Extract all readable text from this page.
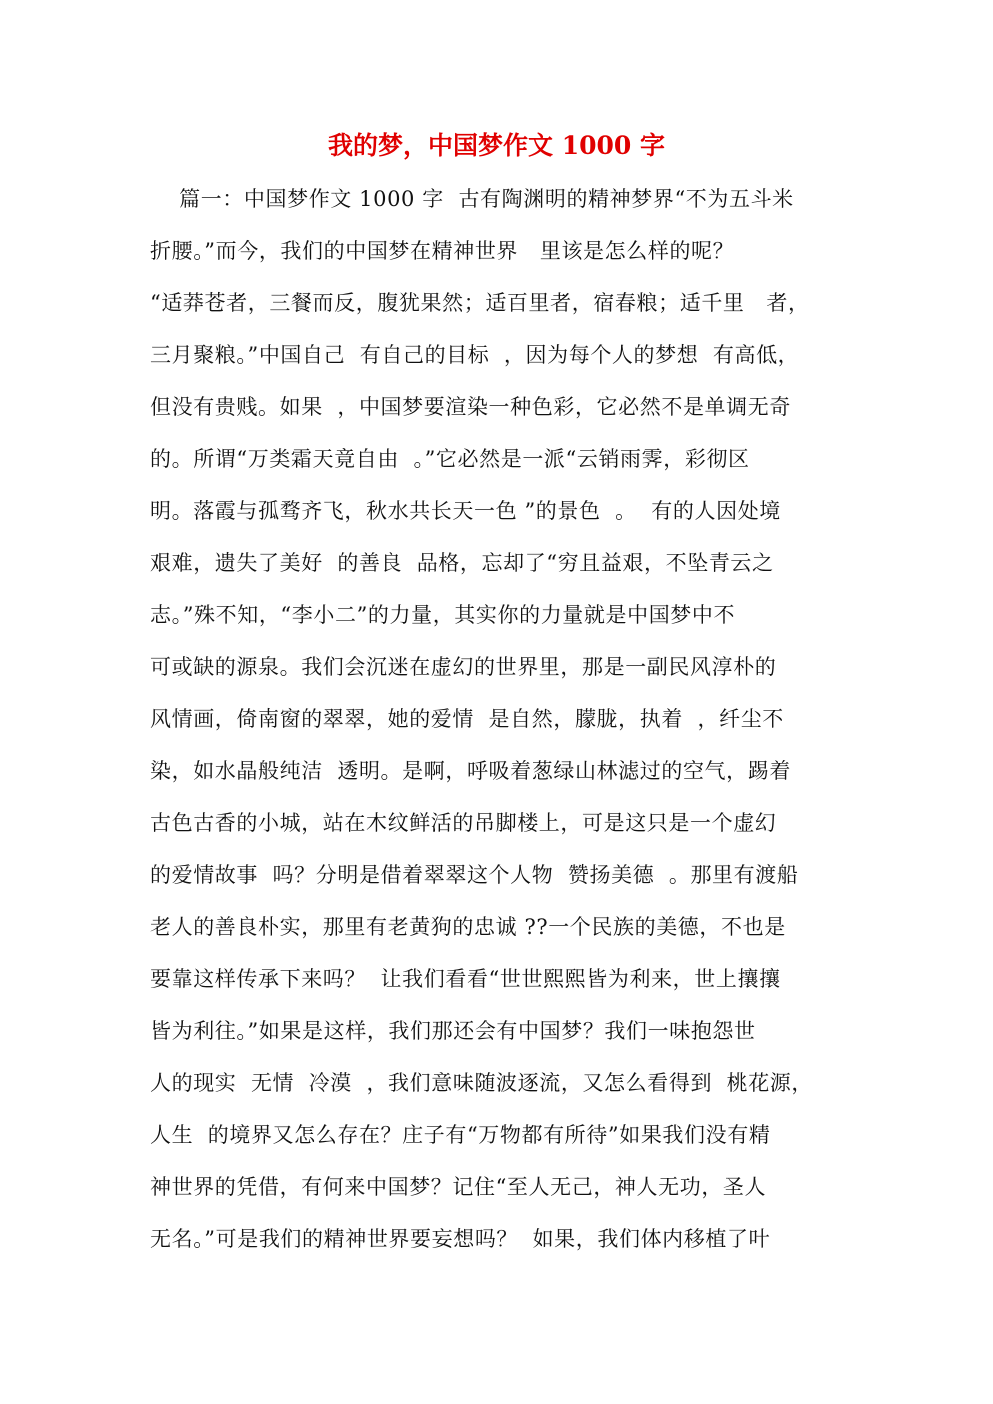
我的梦，中国梦作文 1000 字
篇一：中国梦作文 1000 字  古有陶渊明的精神梦界“不为五斗米
折腰。”而今，我们的中国梦在精神世界   里该是怎么样的呢？
“适莽苍者，三餐而反，腹犹果然；适百里者，宿春粮；适千里   者，
三月聚粮。”中国自己  有自己的目标  ，因为每个人的梦想  有高低，
但没有贵贱。如果  ，中国梦要渲染一种色彩，它必然不是单调无奇
的。所谓“万类霜天竟自由  。”它必然是一派“云销雨霁，彩彻区
明。落霞与孤骛齐飞，秋水共长天一色 ”的景色  。  有的人因处境
艰难，遗失了美好  的善良  品格，忘却了“穷且益艰，不坠青云之
志。”殊不知，“李小二”的力量，其实你的力量就是中国梦中不
可或缺的源泉。我们会沉迷在虚幻的世界里，那是一副民风淳朴的
风情画，倚南窗的翠翠，她的爱情  是自然，朦胧，执着  ，纤尘不
染，如水晶般纯洁  透明。是啊，呼吸着葱绿山林滤过的空气，踢着
古色古香的小城，站在木纹鲜活的吊脚楼上，可是这只是一个虚幻
的爱情故事  吗？分明是借着翠翠这个人物  赞扬美德  。那里有渡船
老人的善良朴实，那里有老黄狗的忠诚 ??一个民族的美德，不也是
要靠这样传承下来吗？  让我们看看“世世熙熙皆为利来，世上攘攘
皆为利往。”如果是这样，我们那还会有中国梦？我们一味抱怨世
人的现实  无情  冷漠  ，我们意味随波逐流，又怎么看得到  桃花源，
人生  的境界又怎么存在？庄子有“万物都有所待”如果我们没有精
神世界的凭借，有何来中国梦？记住“至人无己，神人无功，圣人
无名。”可是我们的精神世界要妄想吗？  如果，我们体内移植了叶
